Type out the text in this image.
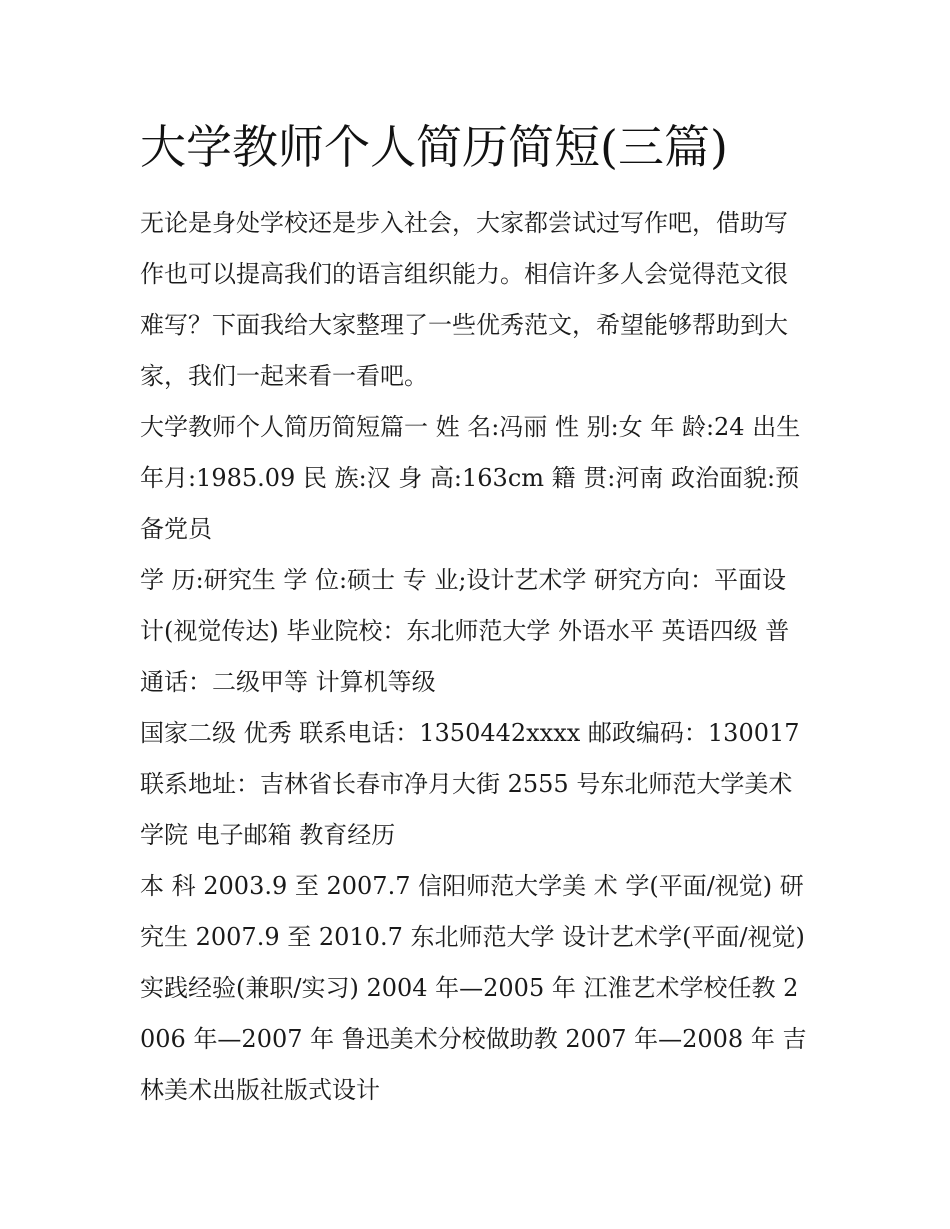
大学教师个人简历简短(三篇)

无论是身处学校还是步入社会，大家都尝试过写作吧，借助写作也可以提高我们的语言组织能力。相信许多人会觉得范文很难写？下面我给大家整理了一些优秀范文，希望能够帮助到大家，我们一起来看一看吧。

大学教师个人简历简短篇一 姓 名:冯丽 性 别:女 年 龄:24 出生年月:1985.09 民 族:汉 身 高:163cm 籍 贯:河南 政治面貌:预备党员

学 历:研究生 学 位:硕士 专 业;设计艺术学 研究方向：平面设计(视觉传达) 毕业院校：东北师范大学 外语水平 英语四级 普通话：二级甲等 计算机等级

国家二级 优秀 联系电话：1350442xxxx 邮政编码：130017 联系地址：吉林省长春市净月大街 2555 号东北师范大学美术学院 电子邮箱 教育经历

本 科 2003.9 至 2007.7 信阳师范大学美 术 学(平面/视觉) 研究生 2007.9 至 2010.7 东北师范大学 设计艺术学(平面/视觉)

实践经验(兼职/实习) 2004 年—2005 年 江淮艺术学校任教 2006 年—2007 年 鲁迅美术分校做助教 2007 年—2008 年 吉林美术出版社版式设计
